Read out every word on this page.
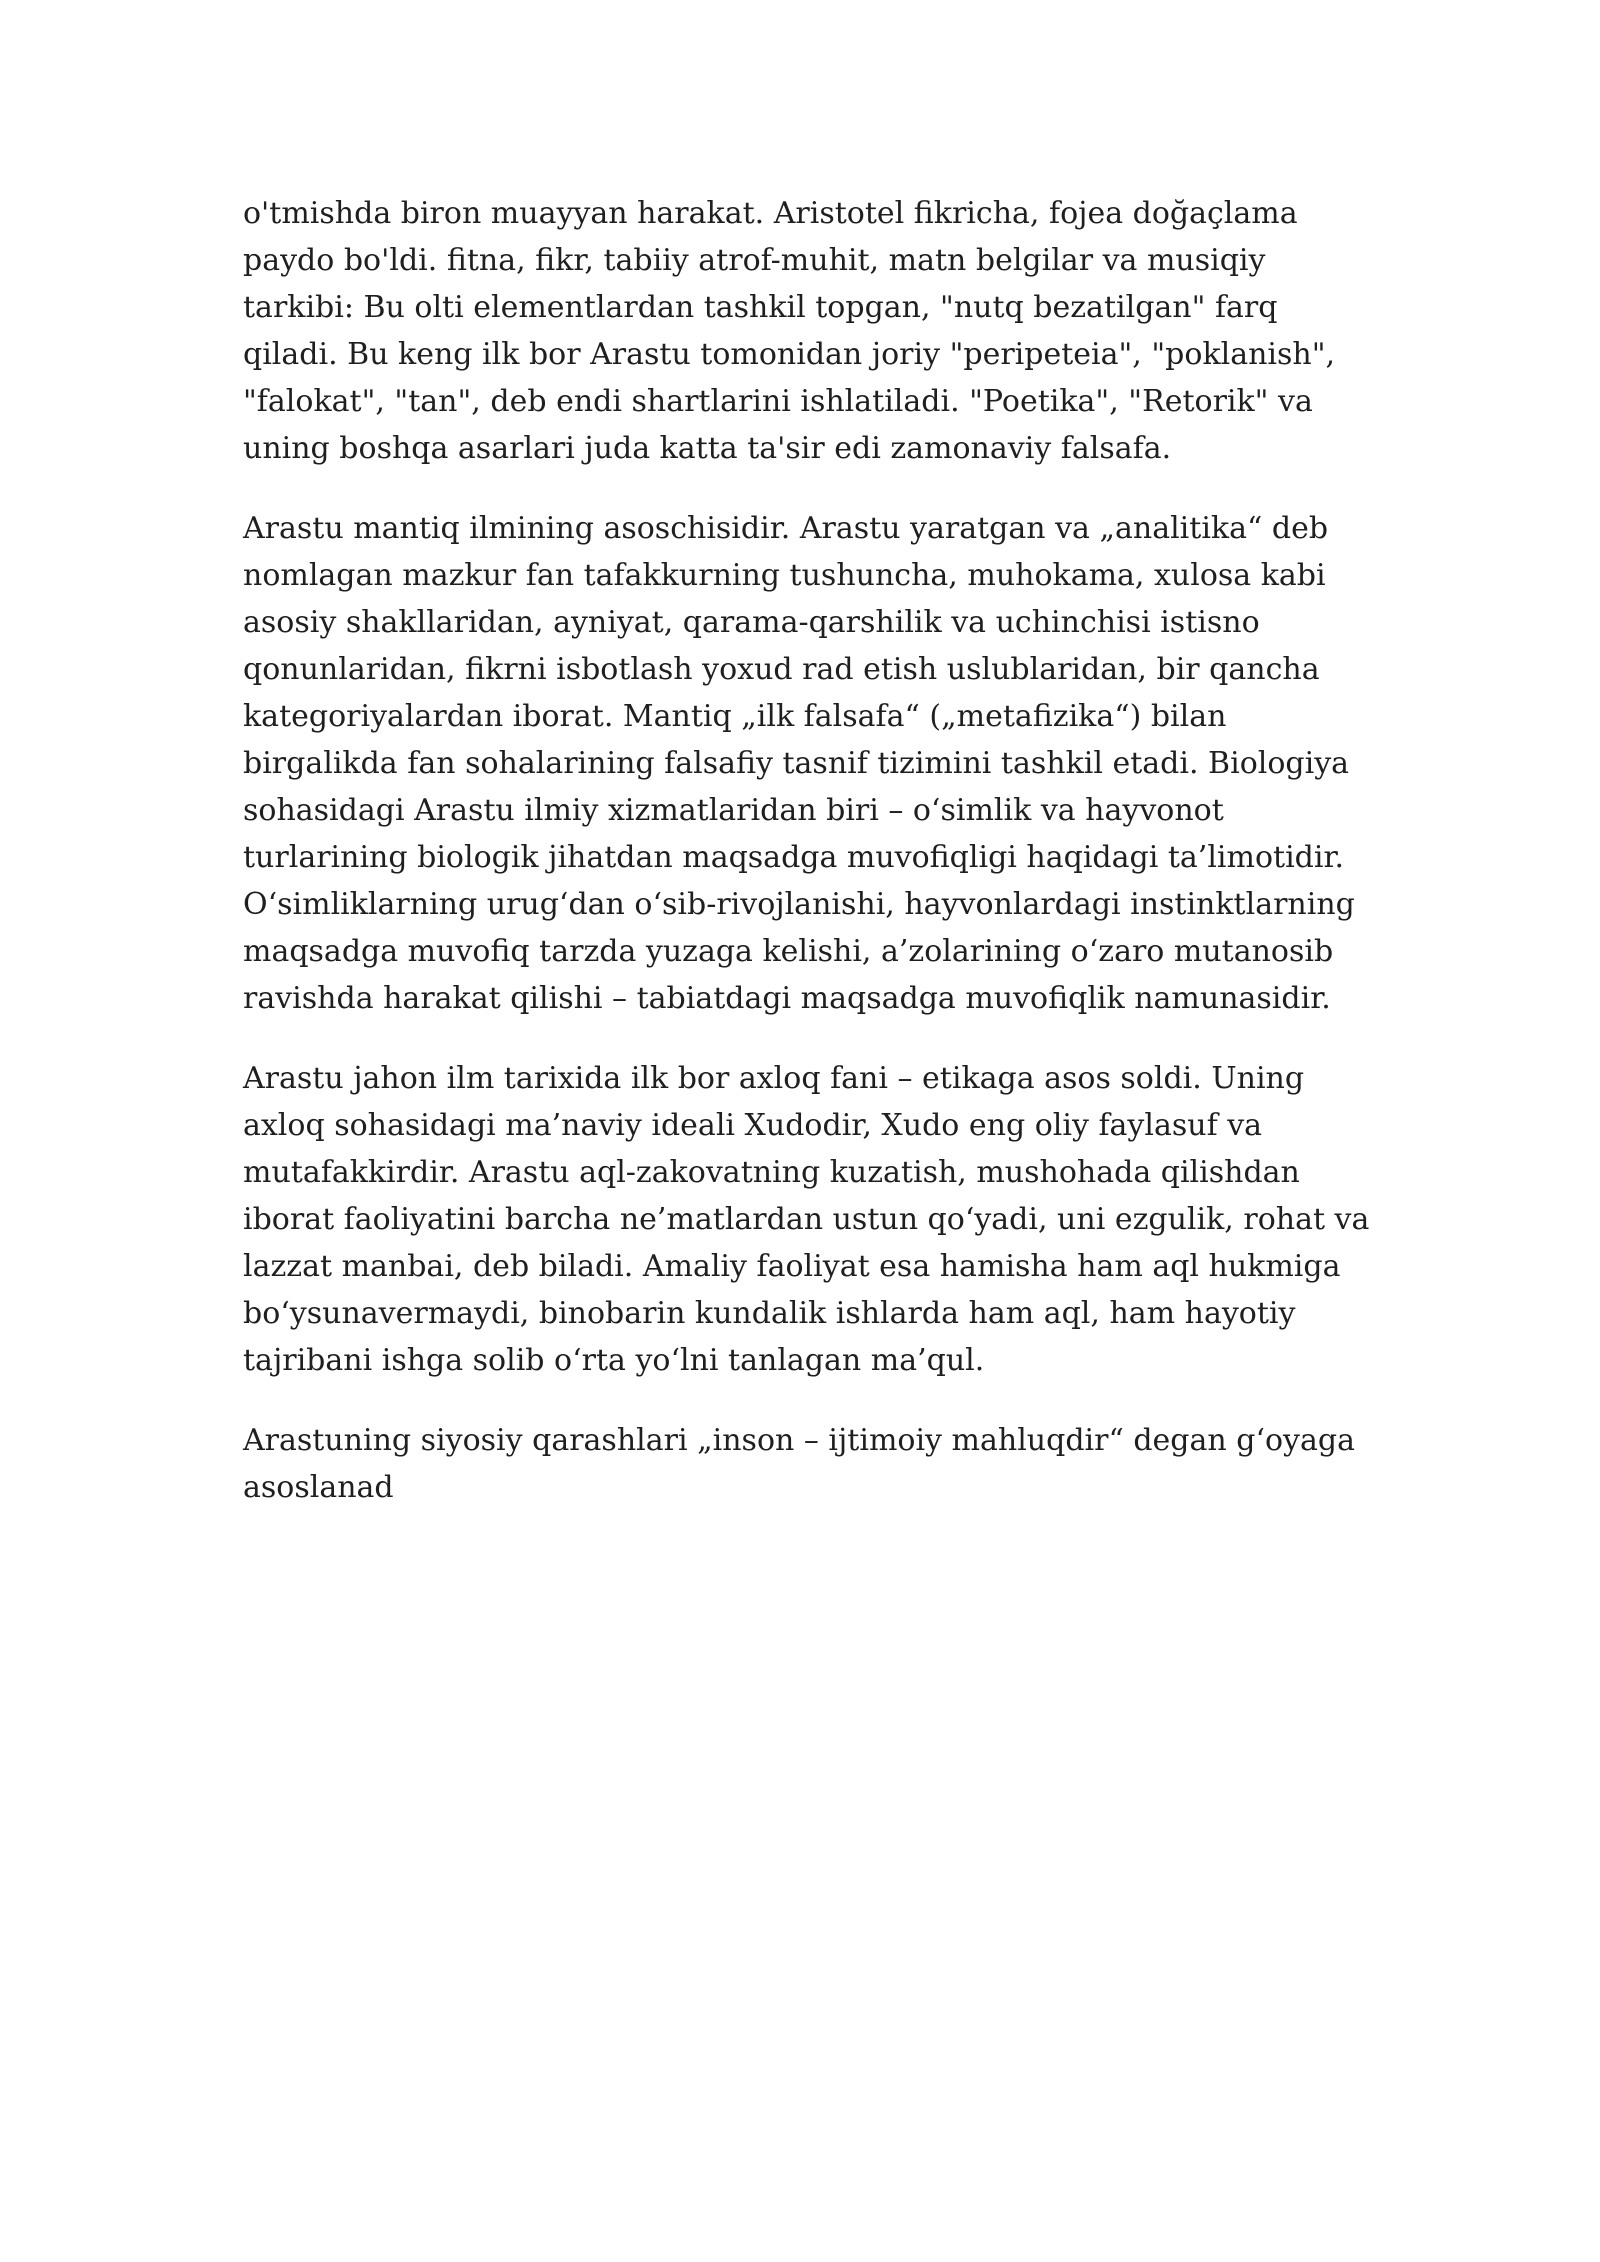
o'tmishda biron muayyan harakat. Aristotel fikricha, fojea doğaçlama paydo bo'ldi. fitna, fikr, tabiiy atrof-muhit, matn belgilar va musiqiy tarkibi: Bu olti elementlardan tashkil topgan, "nutq bezatilgan" farq qiladi. Bu keng ilk bor Arastu tomonidan joriy "peripeteia", "poklanish", "falokat", "tan", deb endi shartlarini ishlatiladi. "Poetika", "Retorik" va uning boshqa asarlari juda katta ta'sir edi zamonaviy falsafa.

Arastu mantiq ilmining asoschisidir. Arastu yaratgan va „analitika“ deb nomlagan mazkur fan tafakkurning tushuncha, muhokama, xulosa kabi asosiy shakllaridan, ayniyat, qarama-qarshilik va uchinchisi istisno qonunlaridan, fikrni isbotlash yoxud rad etish uslublaridan, bir qancha kategoriyalardan iborat. Mantiq „ilk falsafa“ („metafizika“) bilan birgalikda fan sohalarining falsafiy tasnif tizimini tashkil etadi. Biologiya sohasidagi Arastu ilmiy xizmatlaridan biri – o‘simlik va hayvonot turlarining biologik jihatdan maqsadga muvofiqligi haqidagi ta’limotidir. O‘simliklarning urug‘dan o‘sib-rivojlanishi, hayvonlardagi instinktlarning maqsadga muvofiq tarzda yuzaga kelishi, a’zolarining o‘zaro mutanosib ravishda harakat qilishi – tabiatdagi maqsadga muvofiqlik namunasidir.

Arastu jahon ilm tarixida ilk bor axloq fani – etikaga asos soldi. Uning axloq sohasidagi ma’naviy ideali Xudodir, Xudo eng oliy faylasuf va mutafakkirdir. Arastu aql-zakovatning kuzatish, mushohada qilishdan iborat faoliyatini barcha ne’matlardan ustun qo‘yadi, uni ezgulik, rohat va lazzat manbai, deb biladi. Amaliy faoliyat esa hamisha ham aql hukmiga bo‘ysunavermaydi, binobarin kundalik ishlarda ham aql, ham hayotiy tajribani ishga solib o‘rta yo‘lni tanlagan ma’qul.

Arastuning siyosiy qarashlari „inson – ijtimoiy mahluqdir“ degan g‘oyaga asoslanad
